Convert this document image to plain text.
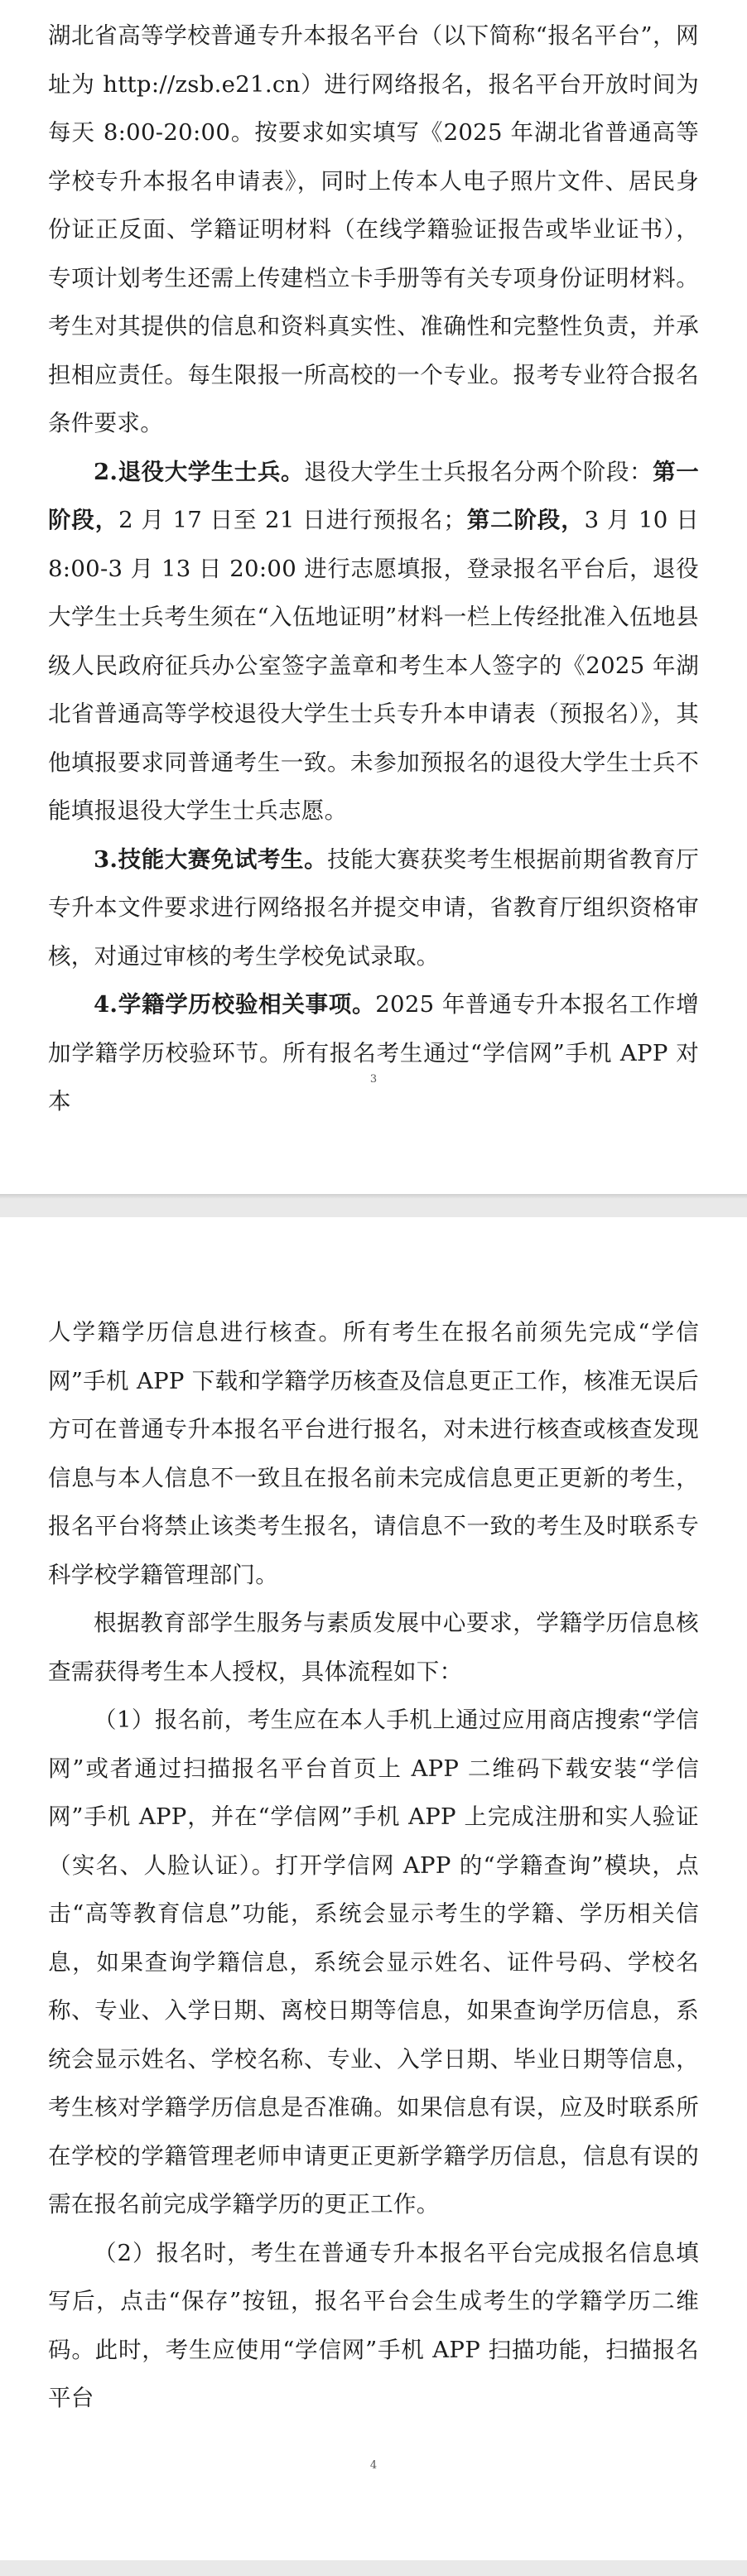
湖北省高等学校普通专升本报名平台（以下简称“报名平台”，网址为 http://zsb.e21.cn）进行网络报名，报名平台开放时间为每天 8:00-20:00。按要求如实填写《2025 年湖北省普通高等学校专升本报名申请表》，同时上传本人电子照片文件、居民身份证正反面、学籍证明材料（在线学籍验证报告或毕业证书），专项计划考生还需上传建档立卡手册等有关专项身份证明材料。考生对其提供的信息和资料真实性、准确性和完整性负责，并承担相应责任。每生限报一所高校的一个专业。报考专业符合报名条件要求。

2.退役大学生士兵。退役大学生士兵报名分两个阶段：第一阶段，2 月 17 日至 21 日进行预报名；第二阶段，3 月 10 日 8:00-3 月 13 日 20:00 进行志愿填报，登录报名平台后，退役大学生士兵考生须在“入伍地证明”材料一栏上传经批准入伍地县级人民政府征兵办公室签字盖章和考生本人签字的《2025 年湖北省普通高等学校退役大学生士兵专升本申请表（预报名）》，其他填报要求同普通考生一致。未参加预报名的退役大学生士兵不能填报退役大学生士兵志愿。

3.技能大赛免试考生。技能大赛获奖考生根据前期省教育厅专升本文件要求进行网络报名并提交申请，省教育厅组织资格审核，对通过审核的考生学校免试录取。

4.学籍学历校验相关事项。2025 年普通专升本报名工作增加学籍学历校验环节。所有报名考生通过“学信网”手机 APP 对本

3

人学籍学历信息进行核查。所有考生在报名前须先完成“学信网”手机 APP 下载和学籍学历核查及信息更正工作，核准无误后方可在普通专升本报名平台进行报名，对未进行核查或核查发现信息与本人信息不一致且在报名前未完成信息更正更新的考生，报名平台将禁止该类考生报名，请信息不一致的考生及时联系专科学校学籍管理部门。

根据教育部学生服务与素质发展中心要求，学籍学历信息核查需获得考生本人授权，具体流程如下：

（1）报名前，考生应在本人手机上通过应用商店搜索“学信网”或者通过扫描报名平台首页上 APP 二维码下载安装“学信网”手机 APP，并在“学信网”手机 APP 上完成注册和实人验证（实名、人脸认证）。打开学信网 APP 的“学籍查询”模块，点击“高等教育信息”功能，系统会显示考生的学籍、学历相关信息，如果查询学籍信息，系统会显示姓名、证件号码、学校名称、专业、入学日期、离校日期等信息，如果查询学历信息，系统会显示姓名、学校名称、专业、入学日期、毕业日期等信息，考生核对学籍学历信息是否准确。如果信息有误，应及时联系所在学校的学籍管理老师申请更正更新学籍学历信息，信息有误的需在报名前完成学籍学历的更正工作。

（2）报名时，考生在普通专升本报名平台完成报名信息填写后，点击“保存”按钮，报名平台会生成考生的学籍学历二维码。此时，考生应使用“学信网”手机 APP 扫描功能，扫描报名平台

4
